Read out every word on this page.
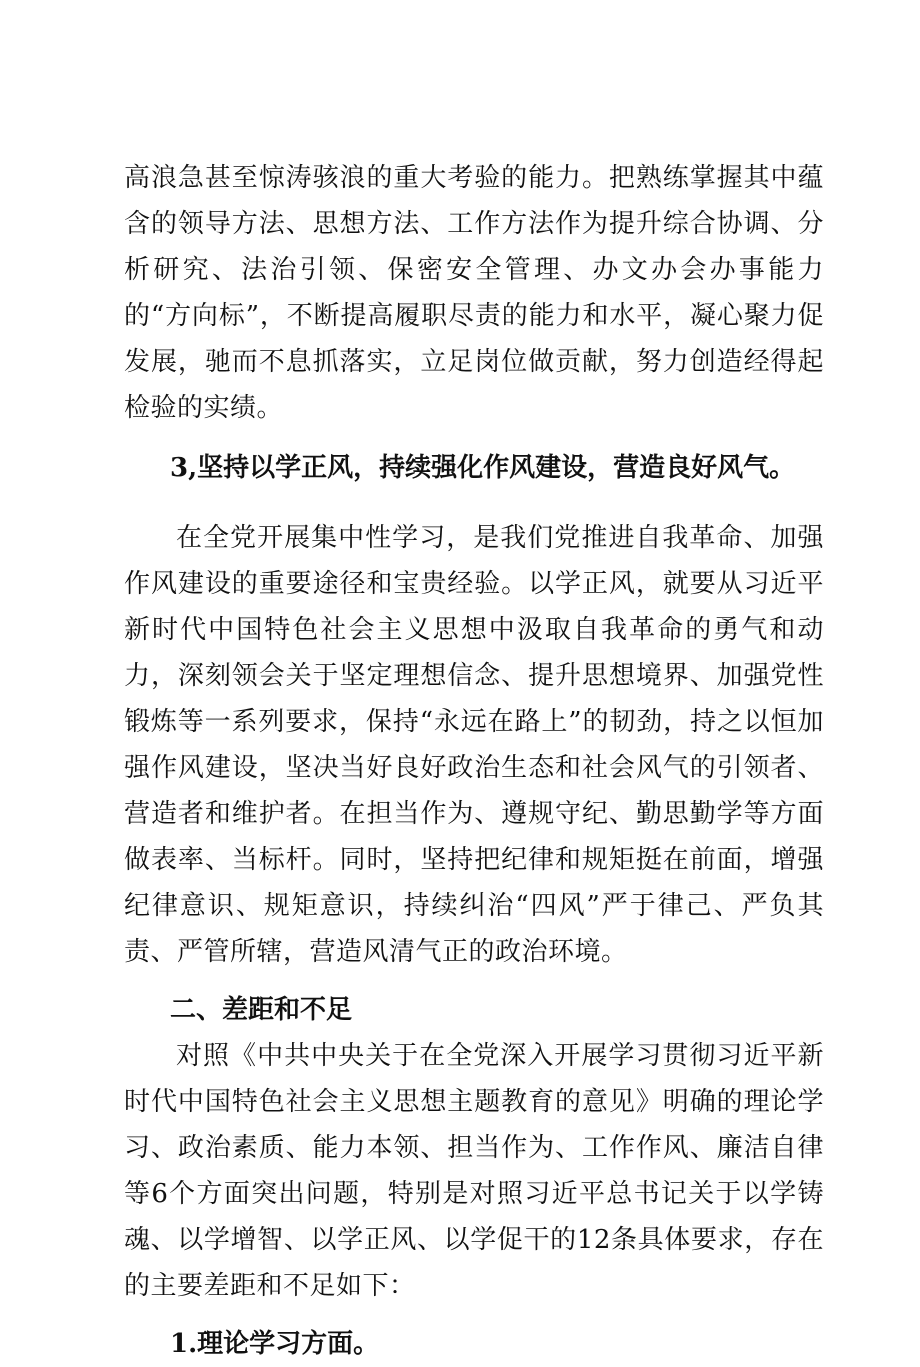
高浪急甚至惊涛骇浪的重大考验的能力。把熟练掌握其中蕴含的领导方法、思想方法、工作方法作为提升综合协调、分析研究、法治引领、保密安全管理、办文办会办事能力的“方向标”，不断提高履职尽责的能力和水平，凝心聚力促发展，驰而不息抓落实，立足岗位做贡献，努力创造经得起检验的实绩。

3,坚持以学正风，持续强化作风建设，营造良好风气。

在全党开展集中性学习，是我们党推进自我革命、加强作风建设的重要途径和宝贵经验。以学正风，就要从习近平新时代中国特色社会主义思想中汲取自我革命的勇气和动力，深刻领会关于坚定理想信念、提升思想境界、加强党性锻炼等一系列要求，保持“永远在路上”的韧劲，持之以恒加强作风建设，坚决当好良好政治生态和社会风气的引领者、营造者和维护者。在担当作为、遵规守纪、勤思勤学等方面做表率、当标杆。同时，坚持把纪律和规矩挺在前面，增强纪律意识、规矩意识，持续纠治“四风”严于律己、严负其责、严管所辖，营造风清气正的政治环境。

二、差距和不足

对照《中共中央关于在全党深入开展学习贯彻习近平新时代中国特色社会主义思想主题教育的意见》明确的理论学习、政治素质、能力本领、担当作为、工作作风、廉洁自律等6个方面突出问题，特别是对照习近平总书记关于以学铸魂、以学增智、以学正风、以学促干的12条具体要求，存在的主要差距和不足如下：

1.理论学习方面。
